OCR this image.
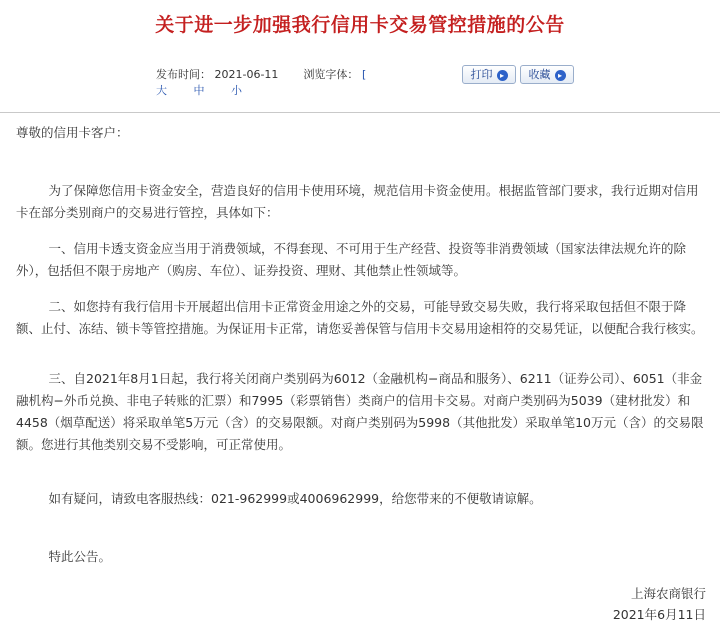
关于进一步加强我行信用卡交易管控措施的公告
发布时间： 2021-06-11 浏览字体： [
大 中 小
打印 ▸	收藏 ▸

尊敬的信用卡客户：

为了保障您信用卡资金安全，营造良好的信用卡使用环境，规范信用卡资金使用。根据监管部门要求，我行近期对信用卡在部分类别商户的交易进行管控，具体如下：

一、信用卡透支资金应当用于消费领域，不得套现、不可用于生产经营、投资等非消费领域（国家法律法规允许的除外），包括但不限于房地产（购房、车位）、证券投资、理财、其他禁止性领域等。

二、如您持有我行信用卡开展超出信用卡正常资金用途之外的交易，可能导致交易失败，我行将采取包括但不限于降额、止付、冻结、锁卡等管控措施。为保证用卡正常，请您妥善保管与信用卡交易用途相符的交易凭证，以便配合我行核实。

三、自2021年8月1日起，我行将关闭商户类别码为6012（金融机构−商品和服务）、6211（证券公司）、6051（非金融机构−外币兑换、非电子转账的汇票）和7995（彩票销售）类商户的信用卡交易。对商户类别码为5039（建材批发）和4458（烟草配送）将采取单笔5万元（含）的交易限额。对商户类别码为5998（其他批发）采取单笔10万元（含）的交易限额。您进行其他类别交易不受影响，可正常使用。

如有疑问，请致电客服热线：021-962999或4006962999，给您带来的不便敬请谅解。

特此公告。

上海农商银行
2021年6月11日
